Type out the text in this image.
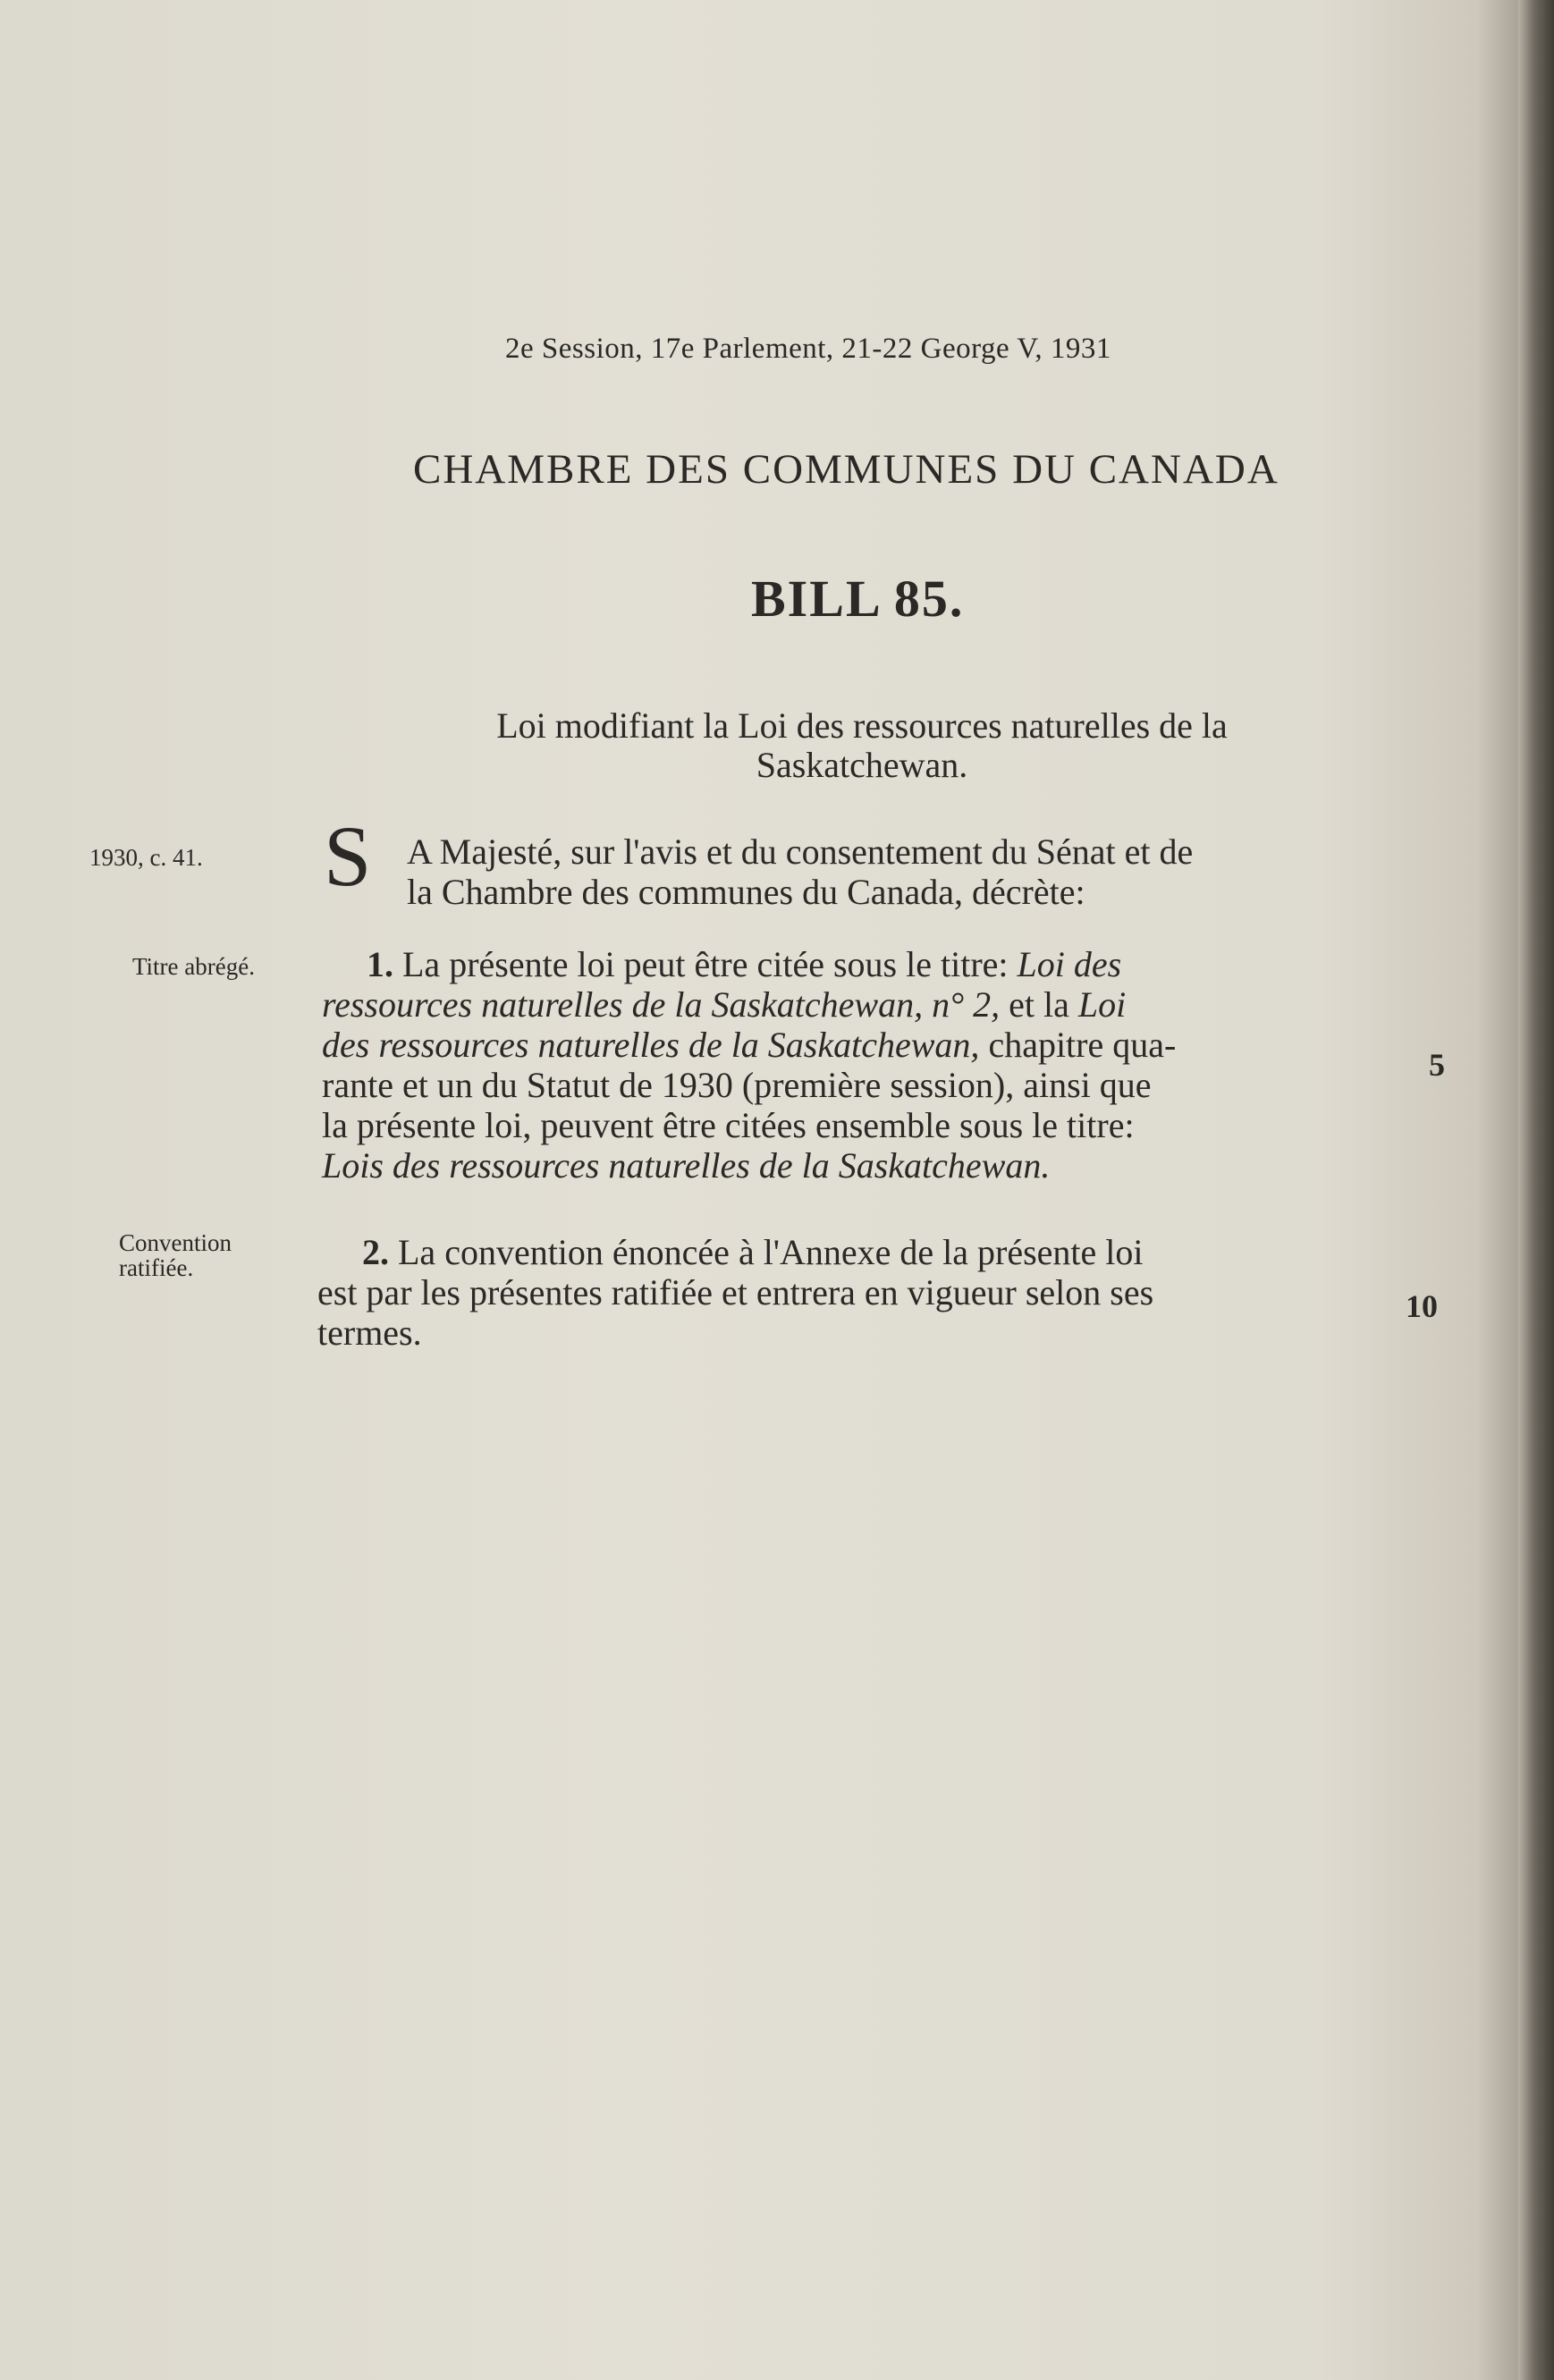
2e Session, 17e Parlement, 21-22 George V, 1931
CHAMBRE DES COMMUNES DU CANADA
BILL 85.
Loi modifiant la Loi des ressources naturelles de la
Saskatchewan.
1930, c. 41. S A Majesté, sur l'avis et du consentement du Sénat et de
la Chambre des communes du Canada, décrète:
Titre abrégé.	1. La présente loi peut être citée sous le titre: Loi des
ressources naturelles de la Saskatchewan, n° 2, et la Loi
des ressources naturelles de la Saskatchewan, chapitre qua-
rante et un du Statut de 1930 (première session), ainsi que
la présente loi, peuvent être citées ensemble sous le titre:
Lois des ressources naturelles de la Saskatchewan.
5
Convention
ratifiée.	2. La convention énoncée à l'Annexe de la présente loi
est par les présentes ratifiée et entrera en vigueur selon ses
termes.
10
